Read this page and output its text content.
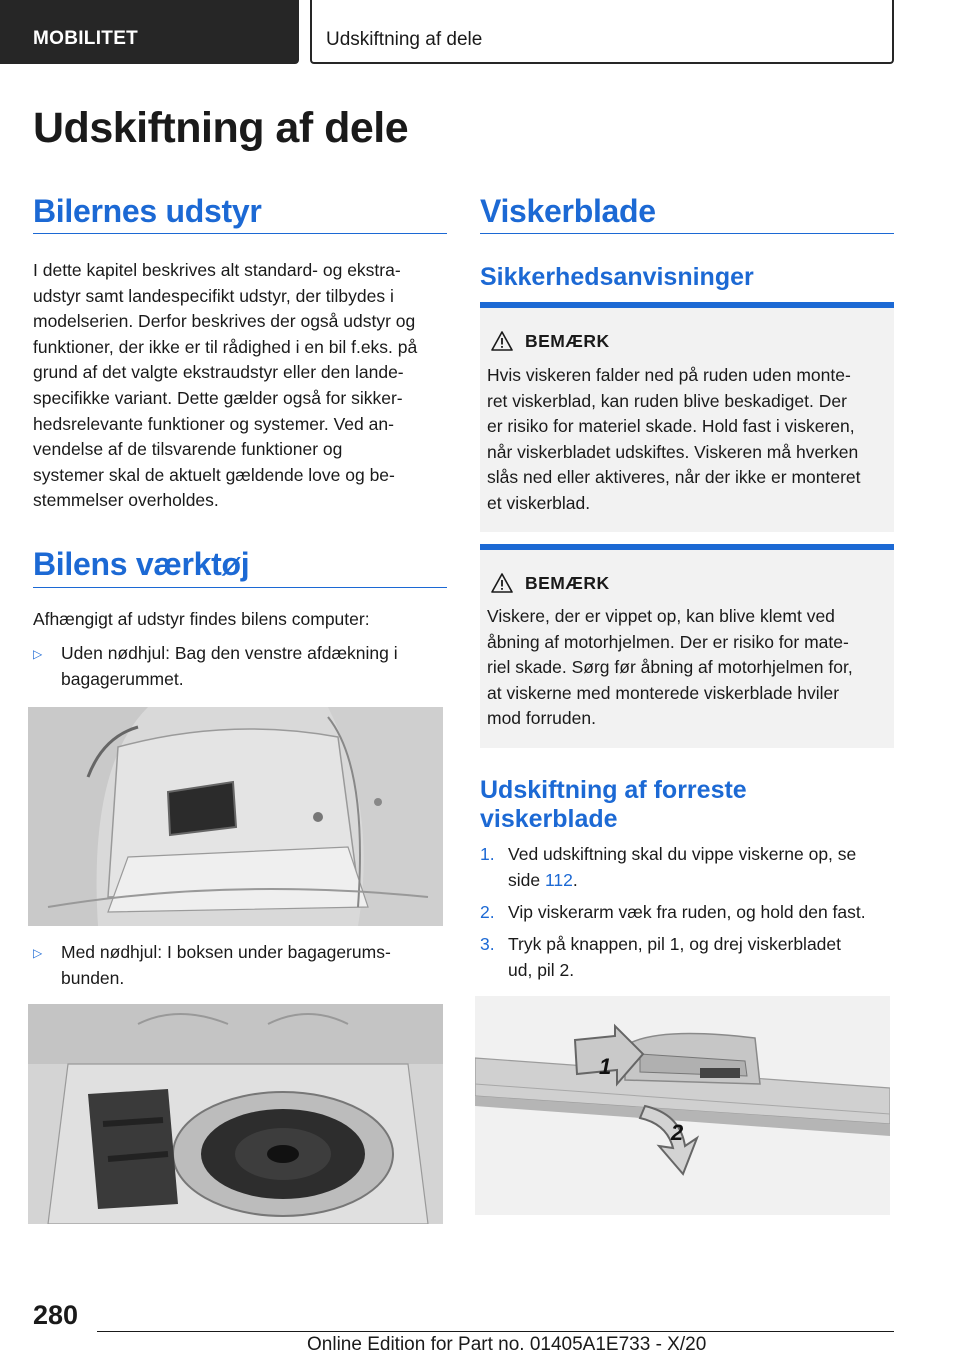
MOBILITET	Udskiftning af dele
Udskiftning af dele
Bilernes udstyr
I dette kapitel beskrives alt standard- og ekstra-
udstyr samt landespecifikt udstyr, der tilbydes i
modelserien. Derfor beskrives der også udstyr og
funktioner, der ikke er til rådighed i en bil f.eks. på
grund af det valgte ekstraudstyr eller den lande-
specifikke variant. Dette gælder også for sikker-
hedsrelevante funktioner og systemer. Ved an-
vendelse af de tilsvarende funktioner og
systemer skal de aktuelt gældende love og be-
stemmelser overholdes.
Bilens værktøj
Afhængigt af udstyr findes bilens computer:
▷ Uden nødhjul: Bag den venstre afdækning i
bagagerummet.
▷ Med nødhjul: I boksen under bagagerums-
bunden.
Viskerblade
Sikkerhedsanvisninger
BEMÆRK
Hvis viskeren falder ned på ruden uden monte-
ret viskerblad, kan ruden blive beskadiget. Der
er risiko for materiel skade. Hold fast i viskeren,
når viskerbladet udskiftes. Viskeren må hverken
slås ned eller aktiveres, når der ikke er monteret
et viskerblad.
BEMÆRK
Viskere, der er vippet op, kan blive klemt ved
åbning af motorhjelmen. Der er risiko for mate-
riel skade. Sørg før åbning af motorhjelmen for,
at viskerne med monterede viskerblade hviler
mod forruden.
Udskiftning af forreste
viskerblade
1. Ved udskiftning skal du vippe viskerne op, se
side 112.
2. Vip viskerarm væk fra ruden, og hold den fast.
3. Tryk på knappen, pil 1, og drej viskerbladet
ud, pil 2.
1
2
280
Online Edition for Part no. 01405A1E733 - X/20
